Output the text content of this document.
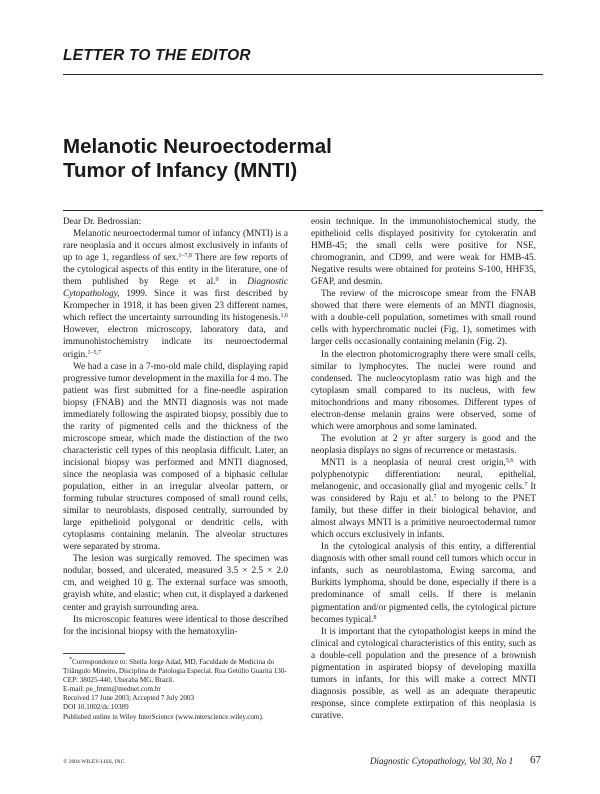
LETTER TO THE EDITOR
Melanotic Neuroectodermal
Tumor of Infancy (MNTI)

Dear Dr. Bedrossian:

Melanotic neuroectodermal tumor of infancy (MNTI) is a rare neoplasia and it occurs almost exclusively in infants of up to age 1, regardless of sex.$^{1-7,8}$ There are few reports of the cytological aspects of this entity in the literature, one of them published by Rege et al.$^9$ in Diagnostic Cytopathology, 1999. Since it was first described by Krompecher in 1918, it has been given 23 different names, which reflect the uncertainty surrounding its histogenesis.$^{1,6}$ However, electron microscopy, laboratory data, and immunohistochemistry indicate its neuroectodermal origin.$^{1-5,7}$

We had a case in a 7-mo-old male child, displaying rapid progressive tumor development in the maxilla for 4 mo. The patient was first submitted for a fine-needle aspiration biopsy (FNAB) and the MNTI diagnosis was not made immediately following the aspirated biopsy, possibly due to the rarity of pigmented cells and the thickness of the microscope smear, which made the distinction of the two characteristic cell types of this neoplasia difficult. Later, an incisional biopsy was performed and MNTI diagnosed, since the neoplasia was composed of a biphasic cellular population, either in an irregular alveolar pattern, or forming tubular structures composed of small round cells, similar to neuroblasts, disposed centrally, surrounded by large epithelioid polygonal or dendritic cells, with cytoplasms containing melanin. The alveolar structures were separated by stroma.

The lesion was surgically removed. The specimen was nodular, bossed, and ulcerated, measured 3.5 × 2.5 × 2.0 cm, and weighed 10 g. The external surface was smooth, grayish white, and elastic; when cut, it displayed a darkened center and grayish surrounding area.

Its microscopic features were identical to those described for the incisional biopsy with the hematoxylin-

eosin technique. In the immunohistochemical study, the epithelioid cells displayed positivity for cytokeratin and HMB-45; the small cells were positive for NSE, chromogranin, and CD99, and were weak for HMB-45. Negative results were obtained for proteins S-100, HHF35, GFAP, and desmin.

The review of the microscope smear from the FNAB showed that there were elements of an MNTI diagnosis, with a double-cell population, sometimes with small round cells with hyperchromatic nuclei (Fig. 1), sometimes with larger cells occasionally containing melanin (Fig. 2).

In the electron photomicrography there were small cells, similar to lymphocytes. The nuclei were round and condensed. The nucleocytoplasm ratio was high and the cytoplasm small compared to its nucleus, with few mitochondrions and many ribosomes. Different types of electron-dense melanin grains were observed, some of which were amorphous and some laminated.

The evolution at 2 yr after surgery is good and the neoplasia displays no signs of recurrence or metastasis.

MNTI is a neoplasia of neural crest origin,$^{5,6}$ with polyphenotypic differentiation: neural, epithelial, melanogenic, and occasionally glial and myogenic cells.$^7$ It was considered by Raju et al.$^7$ to belong to the PNET family, but these differ in their biological behavior, and almost always MNTI is a primitive neuroectodermal tumor which occurs exclusively in infants.

In the cytological analysis of this entity, a differential diagnosis with other small round cell tumors which occur in infants, such as neuroblastoma, Ewing sarcoma, and Burkitts lymphoma, should be done, especially if there is a predominance of small cells. If there is melanin pigmentation and/or pigmented cells, the cytological picture becomes typical.$^8$

It is important that the cytopathologist keeps in mind the clinical and cytological characteristics of this entity, such as a double-cell population and the presence of a brownish pigmentation in aspirated biopsy of developing maxilla tumors in infants, for this will make a correct MNTI diagnosis possible, as well as an adequate therapeutic response, since complete extirpation of this neoplasia is curative.

*Correspondence to: Sheila Jorge Adad, MD, Faculdade de Medicina do Triângulo Mineiro, Disciplina de Patologia Especial. Rua Getúlio Guaritá 130-CEP: 38025-440, Uberaba MG, Brazil.

E-mail: pe_fmtm@mednet.com.br

Received 17 June 2003; Accepted 7 July 2003

DOI 10.1002/dc.10389

Published online in Wiley InterScience (www.interscience.wiley.com).

© 2004 WILEY-LISS, INC.	Diagnostic Cytopathology, Vol 30, No 1	67
